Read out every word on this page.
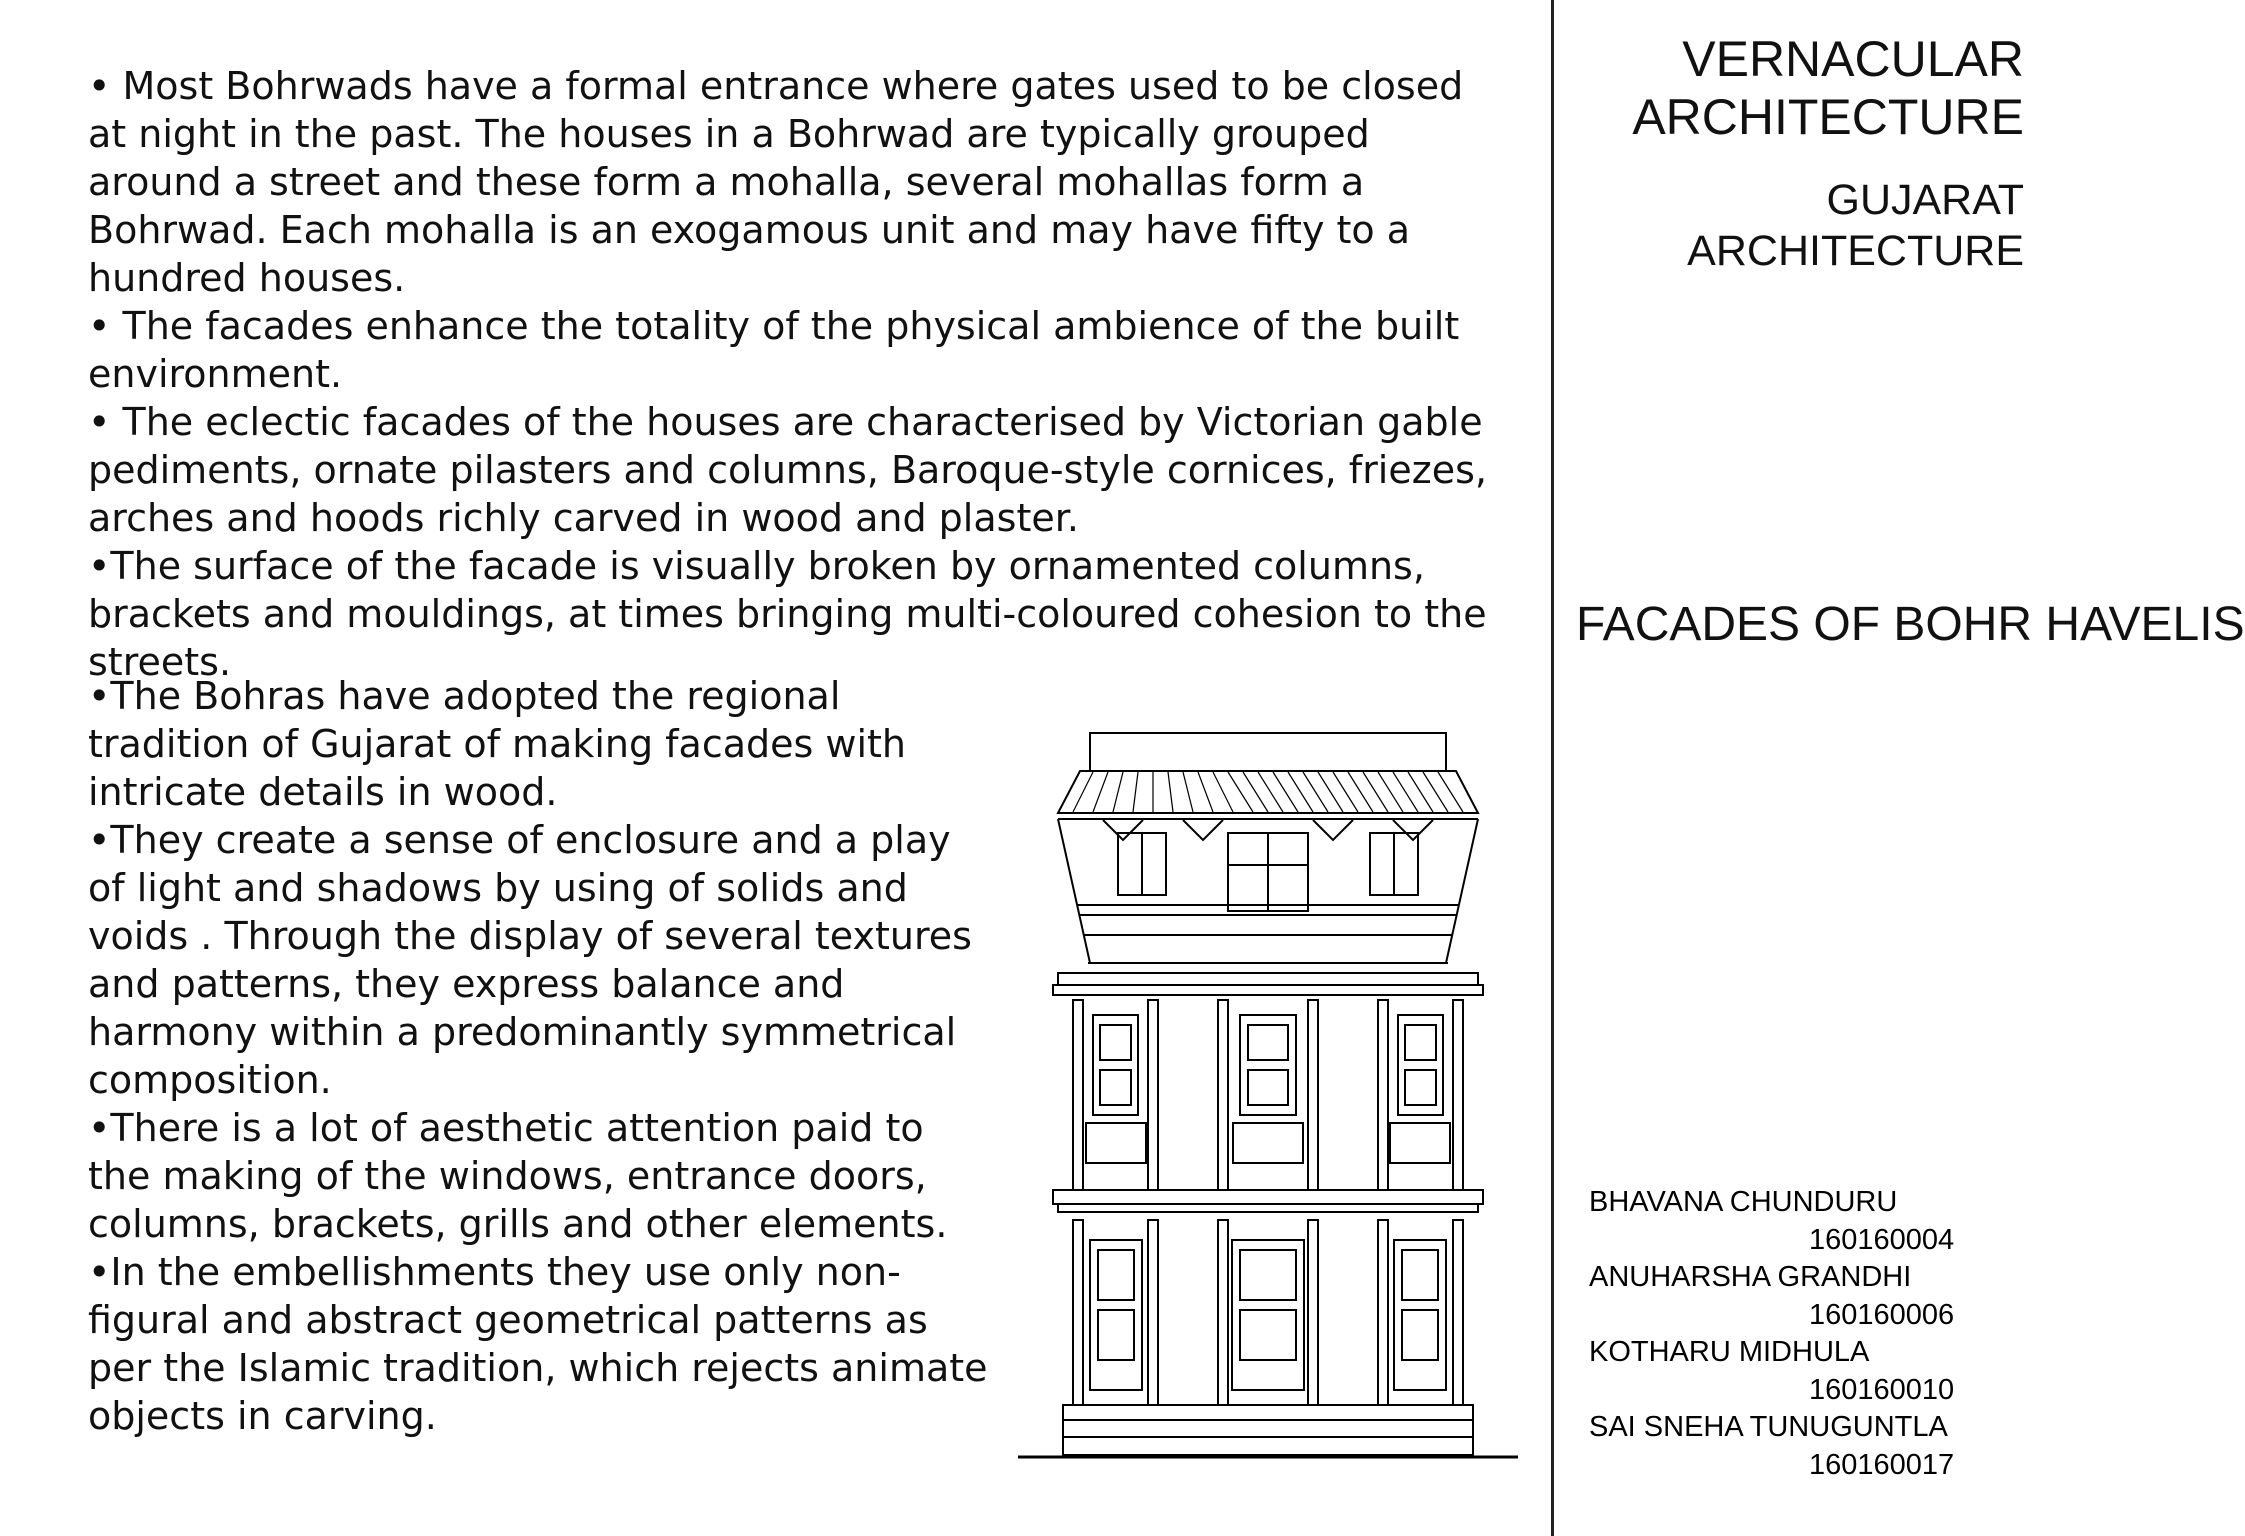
• Most Bohrwads have a formal entrance where gates used to be closed at night in the past. The houses in a Bohrwad are typically grouped around a street and these form a mohalla, several mohallas form a Bohrwad. Each mohalla is an exogamous unit and may have fifty to a hundred houses.

• The facades enhance the totality of the physical ambience of the built environment.

• The eclectic facades of the houses are characterised by Victorian gable pediments, ornate pilasters and columns, Baroque-style cornices, friezes, arches and hoods richly carved in wood and plaster.

•The surface of the facade is visually broken by ornamented columns, brackets and mouldings, at times bringing multi-coloured cohesion to the streets.

•The Bohras have adopted the regional tradition of Gujarat of making facades with intricate details in wood.

•They create a sense of enclosure and a play of light and shadows by using of solids and voids . Through the display of several textures and patterns, they express balance and harmony within a predominantly symmetrical composition.

•There is a lot of aesthetic attention paid to the making of the windows, entrance doors, columns, brackets, grills and other elements.

•In the embellishments they use only non-figural and abstract geometrical patterns as per the Islamic tradition, which rejects animate objects in carving.

VERNACULAR
ARCHITECTURE
GUJARAT
ARCHITECTURE
FACADES OF BOHR HAVELIS
BHAVANA CHUNDURU
160160004
ANUHARSHA GRANDHI
160160006
KOTHARU MIDHULA
160160010
SAI SNEHA TUNUGUNTLA
160160017
